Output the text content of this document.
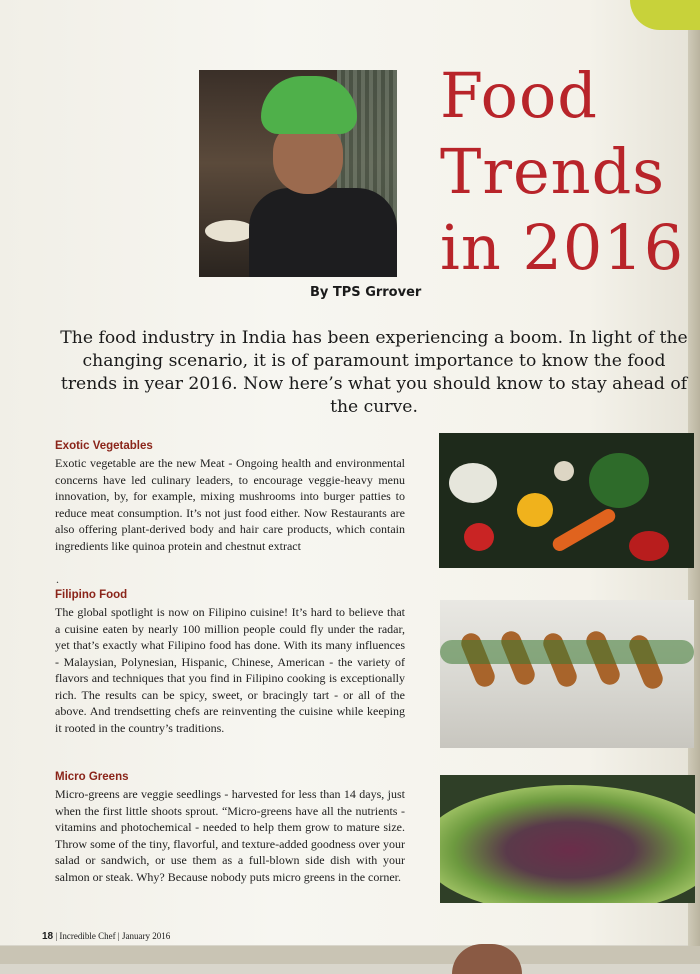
Food
Trends
in 2016
By TPS Grrover

The food industry in India has been experiencing a boom. In light of the changing scenario, it is of paramount importance to know the food trends in year 2016. Now here’s what you should know to stay ahead of the curve.

Exotic Vegetables

Exotic vegetable are the new Meat - Ongoing health and environmental concerns have led culinary leaders, to encourage veggie-heavy menu innovation, by, for example, mixing mushrooms into burger patties to reduce meat consumption. It’s not just food either. Now Restaurants are also offering plant-derived body and hair care products, which contain ingredients like quinoa protein and chestnut extract

.
Filipino Food

The global spotlight is now on Filipino cuisine! It’s hard to believe that a cuisine eaten by nearly 100 million people could fly under the radar, yet that’s exactly what Filipino food has done. With its many influences - Malaysian, Polynesian, Hispanic, Chinese, American - the variety of flavors and techniques that you find in Filipino cooking is exceptionally rich. The results can be spicy, sweet, or bracingly tart - or all of the above. And trendsetting chefs are reinventing the cuisine while keeping it rooted in the country’s traditions.

Micro Greens

Micro-greens are veggie seedlings - harvested for less than 14 days, just when the first little shoots sprout. “Micro-greens have all the nutrients - vitamins and photochemical - needed to help them grow to mature size. Throw some of the tiny, flavorful, and texture-added goodness over your salad or sandwich, or use them as a full-blown side dish with your salmon or steak. Why? Because nobody puts micro greens in the corner.

18 | Incredible Chef | January 2016
